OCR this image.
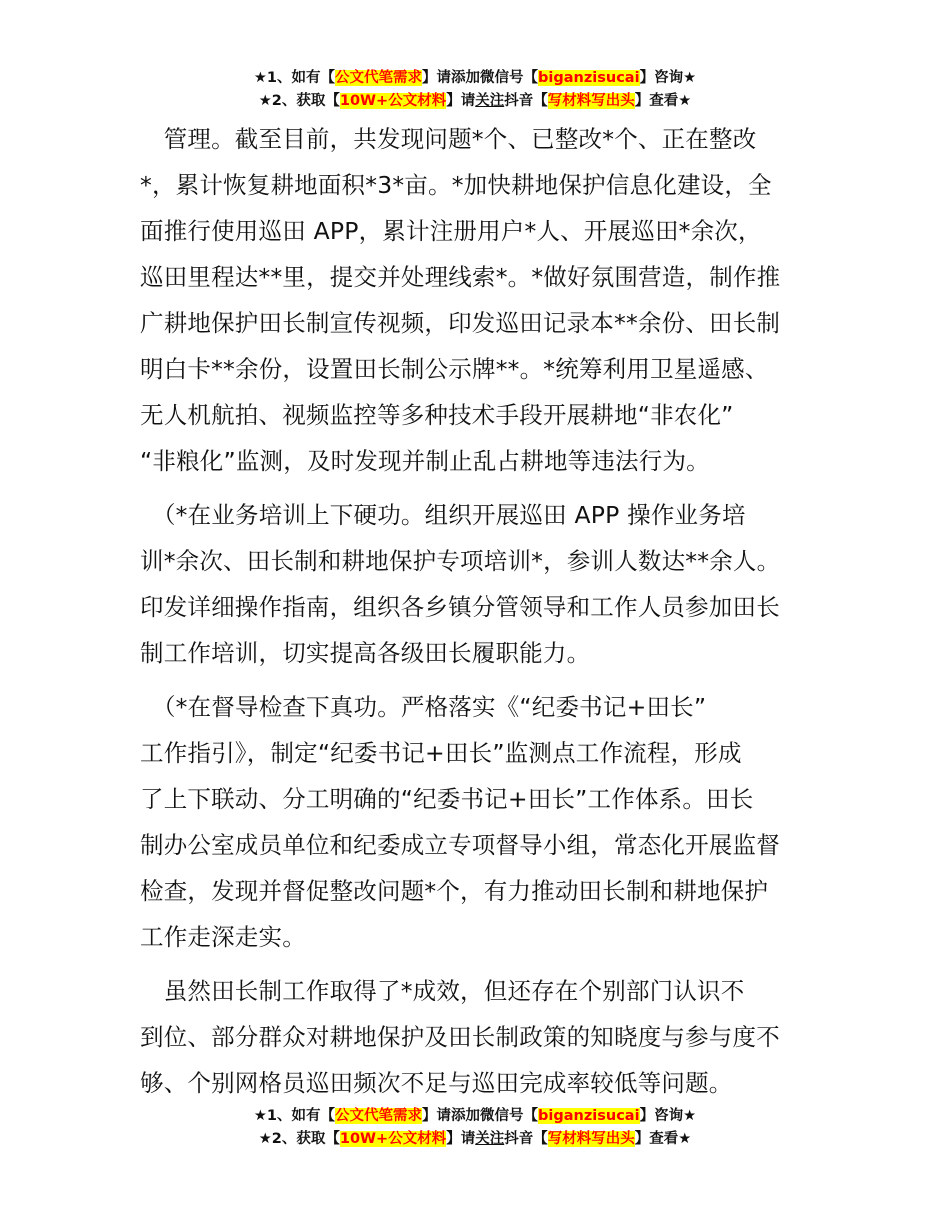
★1、如有【公文代笔需求】请添加微信号【biganzisucai】咨询★
★2、获取【10W+公文材料】请关注抖音【写材料写出头】查看★
　管理。截至目前，共发现问题*个、已整改*个、正在整改
*，累计恢复耕地面积*3*亩。*加快耕地保护信息化建设，全
面推行使用巡田 APP，累计注册用户*人、开展巡田*余次，
巡田里程达**里，提交并处理线索*。*做好氛围营造，制作推
广耕地保护田长制宣传视频，印发巡田记录本**余份、田长制
明白卡**余份，设置田长制公示牌**。*统筹利用卫星遥感、
无人机航拍、视频监控等多种技术手段开展耕地“非农化”
“非粮化”监测，及时发现并制止乱占耕地等违法行为。
　（*在业务培训上下硬功。组织开展巡田 APP 操作业务培
训*余次、田长制和耕地保护专项培训*，参训人数达**余人。
印发详细操作指南，组织各乡镇分管领导和工作人员参加田长
制工作培训，切实提高各级田长履职能力。
　（*在督导检查下真功。严格落实《“纪委书记+田长”
工作指引》，制定“纪委书记+田长”监测点工作流程，形成
了上下联动、分工明确的“纪委书记+田长”工作体系。田长
制办公室成员单位和纪委成立专项督导小组，常态化开展监督
检查，发现并督促整改问题*个，有力推动田长制和耕地保护
工作走深走实。
　虽然田长制工作取得了*成效，但还存在个别部门认识不
到位、部分群众对耕地保护及田长制政策的知晓度与参与度不
够、个别网格员巡田频次不足与巡田完成率较低等问题。
★1、如有【公文代笔需求】请添加微信号【biganzisucai】咨询★
★2、获取【10W+公文材料】请关注抖音【写材料写出头】查看★
